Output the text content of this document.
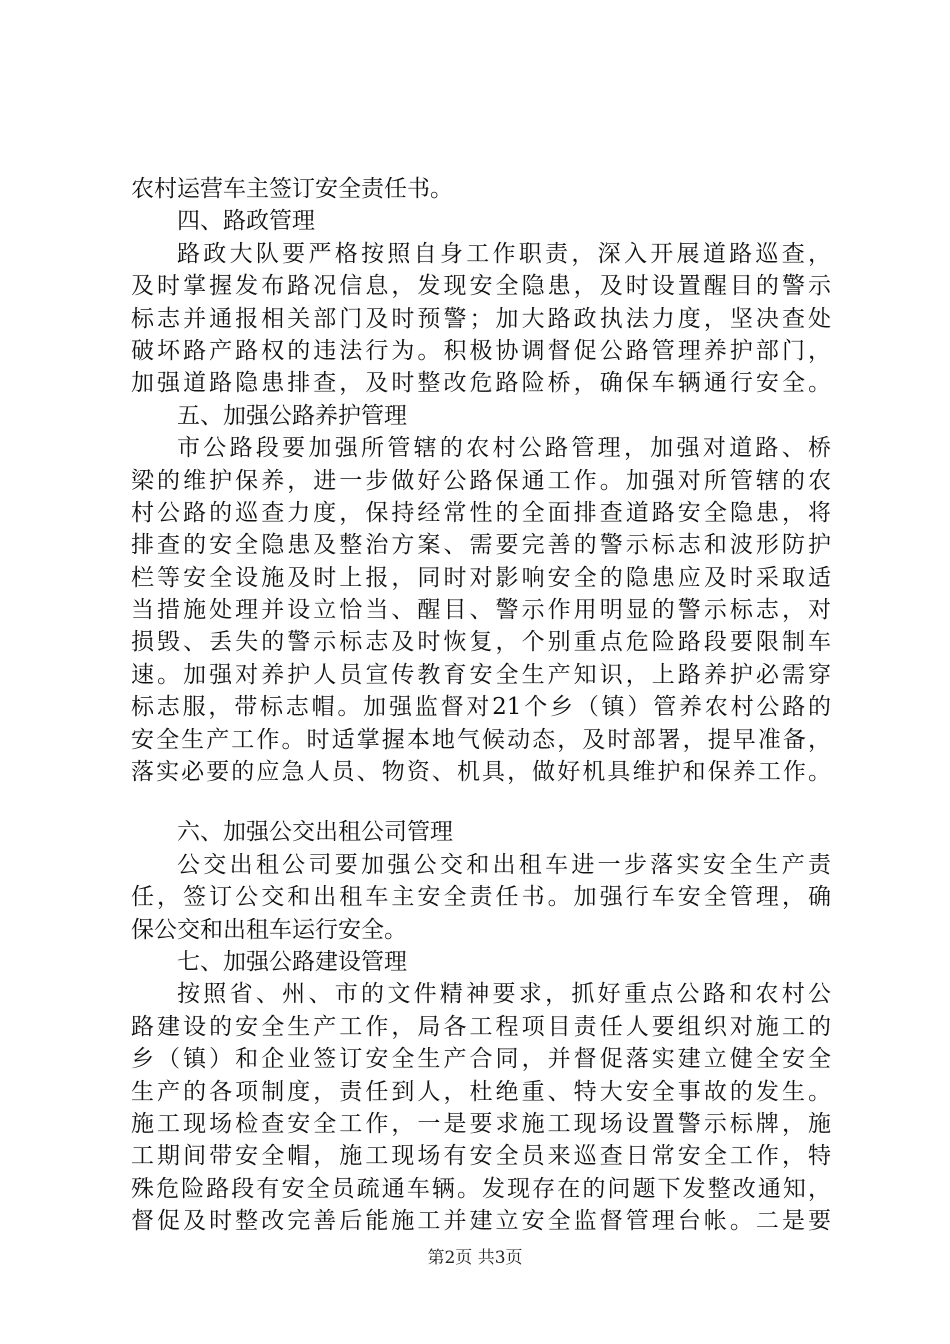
农村运营车主签订安全责任书。
四、路政管理
路政大队要严格按照自身工作职责，深入开展道路巡查，
及时掌握发布路况信息，发现安全隐患，及时设置醒目的警示
标志并通报相关部门及时预警；加大路政执法力度，坚决查处
破坏路产路权的违法行为。积极协调督促公路管理养护部门，
加强道路隐患排查，及时整改危路险桥，确保车辆通行安全。
五、加强公路养护管理
市公路段要加强所管辖的农村公路管理，加强对道路、桥
梁的维护保养，进一步做好公路保通工作。加强对所管辖的农
村公路的巡查力度，保持经常性的全面排查道路安全隐患，将
排查的安全隐患及整治方案、需要完善的警示标志和波形防护
栏等安全设施及时上报，同时对影响安全的隐患应及时采取适
当措施处理并设立恰当、醒目、警示作用明显的警示标志，对
损毁、丢失的警示标志及时恢复，个别重点危险路段要限制车
速。加强对养护人员宣传教育安全生产知识，上路养护必需穿
标志服，带标志帽。加强监督对21个乡（镇）管养农村公路的
安全生产工作。时适掌握本地气候动态，及时部署，提早准备，
落实必要的应急人员、物资、机具，做好机具维护和保养工作。
六、加强公交出租公司管理
公交出租公司要加强公交和出租车进一步落实安全生产责
任，签订公交和出租车主安全责任书。加强行车安全管理，确
保公交和出租车运行安全。
七、加强公路建设管理
按照省、州、市的文件精神要求，抓好重点公路和农村公
路建设的安全生产工作，局各工程项目责任人要组织对施工的
乡（镇）和企业签订安全生产合同，并督促落实建立健全安全
生产的各项制度，责任到人，杜绝重、特大安全事故的发生。
施工现场检查安全工作，一是要求施工现场设置警示标牌，施
工期间带安全帽，施工现场有安全员来巡查日常安全工作，特
殊危险路段有安全员疏通车辆。发现存在的问题下发整改通知，
督促及时整改完善后能施工并建立安全监督管理台帐。二是要
第2页 共3页
